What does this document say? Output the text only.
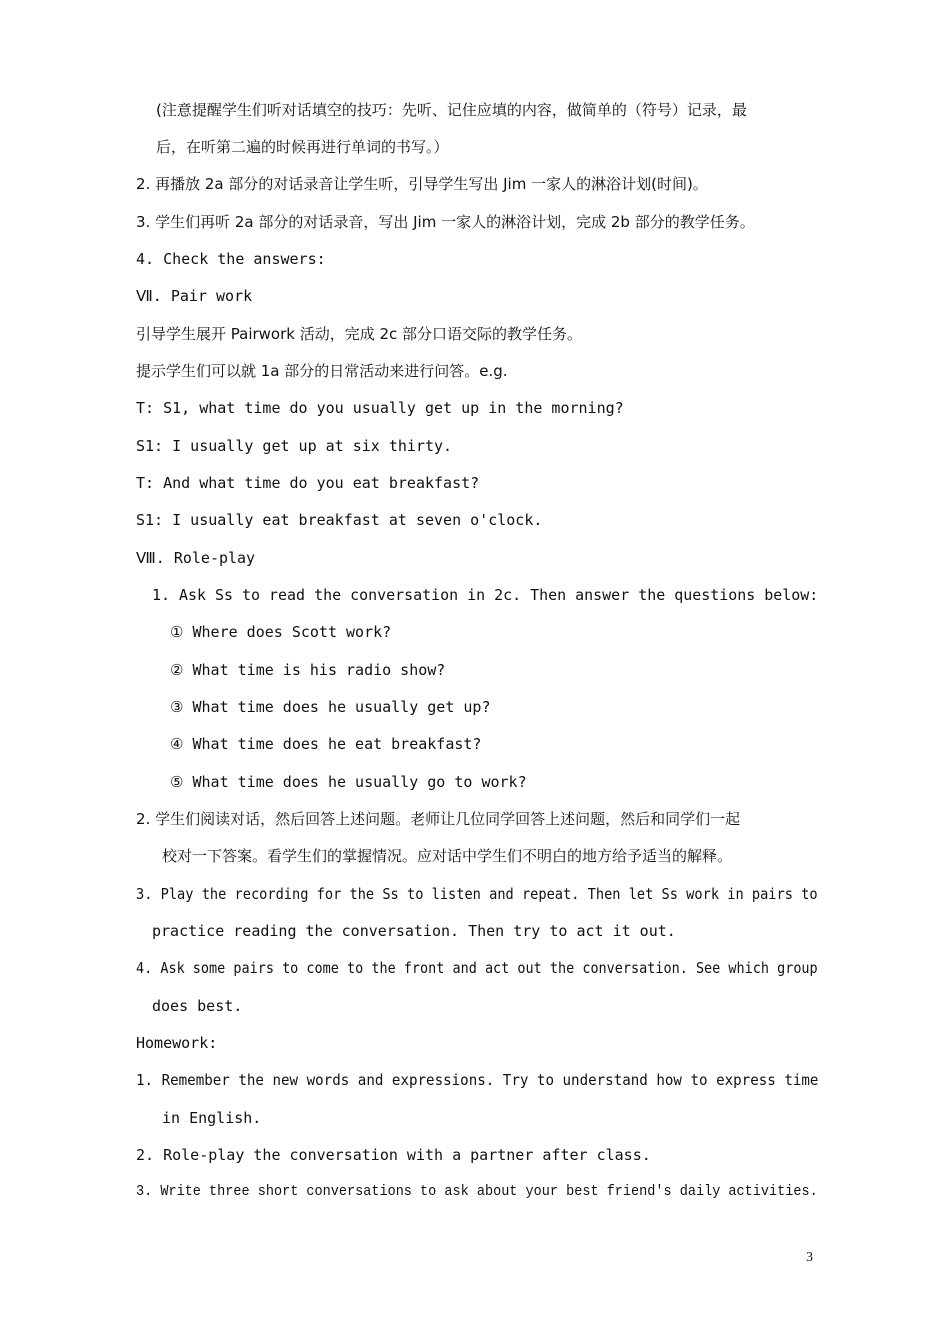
(注意提醒学生们听对话填空的技巧：先听、记住应填的内容，做简单的（符号）记录，最
后，在听第二遍的时候再进行单词的书写。）
2. 再播放 2a 部分的对话录音让学生听，引导学生写出 Jim 一家人的淋浴计划(时间)。
3. 学生们再听 2a 部分的对话录音，写出 Jim 一家人的淋浴计划，完成 2b 部分的教学任务。
4. Check the answers:
Ⅶ. Pair work
引导学生展开 Pairwork 活动，完成 2c 部分口语交际的教学任务。
提示学生们可以就 1a 部分的日常活动来进行问答。e.g.
T: S1, what time do you usually get up in the morning?
S1: I usually get up at six thirty.
T: And what time do you eat breakfast?
S1: I usually eat breakfast at seven o'clock.
Ⅷ. Role-play
1. Ask Ss to read the conversation in 2c. Then answer the questions below:
① Where does Scott work?
② What time is his radio show?
③ What time does he usually get up?
④ What time does he eat breakfast?
⑤ What time does he usually go to work?
2. 学生们阅读对话，然后回答上述问题。老师让几位同学回答上述问题，然后和同学们一起
校对一下答案。看学生们的掌握情况。应对话中学生们不明白的地方给予适当的解释。
3. Play the recording for the Ss to listen and repeat. Then let Ss work in pairs to
practice reading the conversation. Then try to act it out.
4. Ask some pairs to come to the front and act out the conversation. See which group
does best.
Homework:
1. Remember the new words and expressions. Try to understand how to express time
in English.
2. Role-play the conversation with a partner after class.
3. Write three short conversations to ask about your best friend's daily activities.
3
